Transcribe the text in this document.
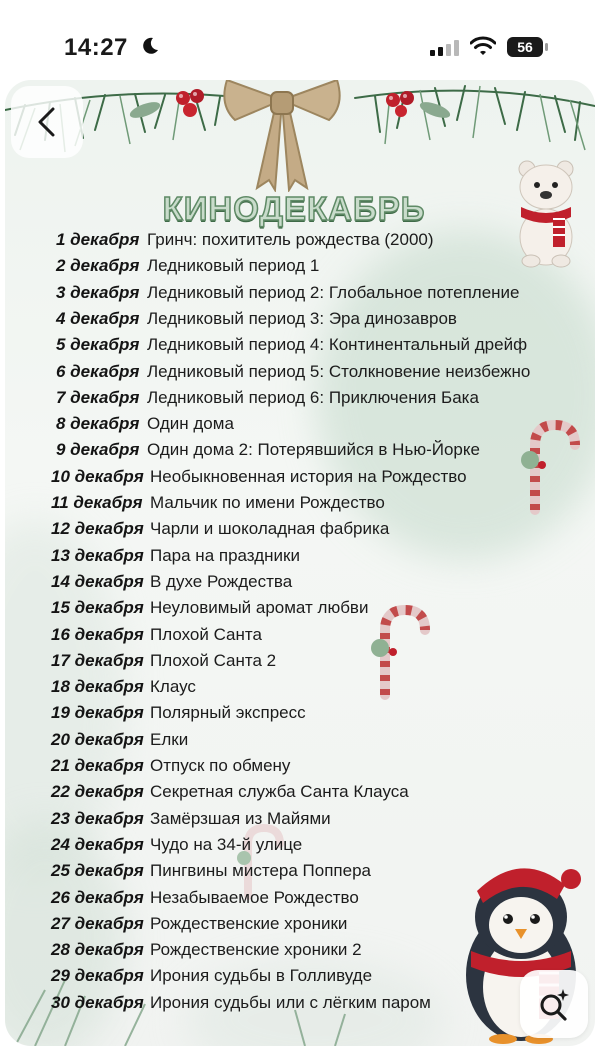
14:27	56
КИНОДЕКАБРЬ
1 декабря Гринч: похититель рождества (2000)
2 декабря Ледниковый период 1
3 декабря Ледниковый период 2: Глобальное потепление
4 декабря Ледниковый период 3: Эра динозавров
5 декабря Ледниковый период 4: Континентальный дрейф
6 декабря Ледниковый период 5: Столкновение неизбежно
7 декабря Ледниковый период 6: Приключения Бака
8 декабря Один дома
9 декабря Один дома 2: Потерявшийся в Нью-Йорке
10 декабря Необыкновенная история на Рождество
11 декабря Мальчик по имени Рождество
12 декабря Чарли и шоколадная фабрика
13 декабря Пара на праздники
14 декабря В духе Рождества
15 декабря Неуловимый аромат любви
16 декабря Плохой Санта
17 декабря Плохой Санта 2
18 декабря Клаус
19 декабря Полярный экспресс
20 декабря Елки
21 декабря Отпуск по обмену
22 декабря Секретная служба Санта Клауса
23 декабря Замёрзшая из Майями
24 декабря Чудо на 34-й улице
25 декабря Пингвины мистера Поппера
26 декабря Незабываемое Рождество
27 декабря Рождественские хроники
28 декабря Рождественские хроники 2
29 декабря Ирония судьбы в Голливуде
30 декабря Ирония судьбы или с лёгким паром
